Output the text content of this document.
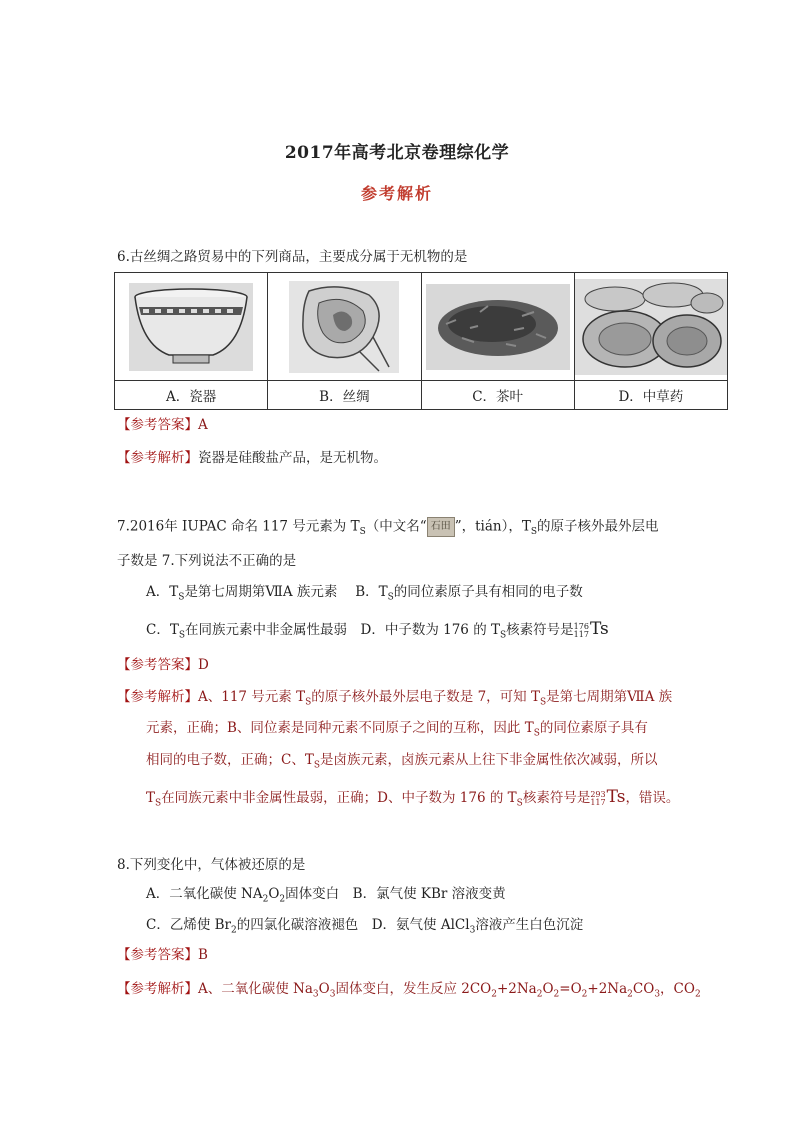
2017年高考北京卷理综化学
参考解析
6.古丝绸之路贸易中的下列商品，主要成分属于无机物的是

A．瓷器	B．丝绸	C．茶叶	D．中草药
【参考答案】A
【参考解析】瓷器是硅酸盐产品，是无机物。
7.2016年 IUPAC 命名 117 号元素为 $T_S$（中文名“ 石田 ”，tián），$T_S$的原子核外最外层电
子数是 7.下列说法不正确的是
A．$T_S$是第七周期第ⅦA 族元素　 B．$T_S$的同位素原子具有相同的电子数
C．$T_S$在同族元素中非金属性最弱　D．中子数为 176 的 $T_S$核素符号是 176
117 Ts
【参考答案】D
【参考解析】A、117 号元素 $T_S$的原子核外最外层电子数是 7，可知 $T_S$是第七周期第ⅦA 族
元素，正确；B、同位素是同种元素不同原子之间的互称，因此 $T_S$的同位素原子具有
相同的电子数，正确；C、$T_S$是卤族元素，卤族元素从上往下非金属性依次减弱，所以
$T_S$在同族元素中非金属性最弱，正确；D、中子数为 176 的 $T_S$核素符号是 293
117 Ts，错误。
8.下列变化中，气体被还原的是
A．二氧化碳使 $NA_2O_2$固体变白　B．氯气使 KBr 溶液变黄
C．乙烯使 $Br_2$的四氯化碳溶液褪色　D．氨气使 AlCl$_3$溶液产生白色沉淀
【参考答案】B
【参考解析】A、二氧化碳使 $Na_3O_3$固体变白，发生反应 $2CO_2+2Na_2O_2=O_2+2Na_2CO_3$，$CO_2$
